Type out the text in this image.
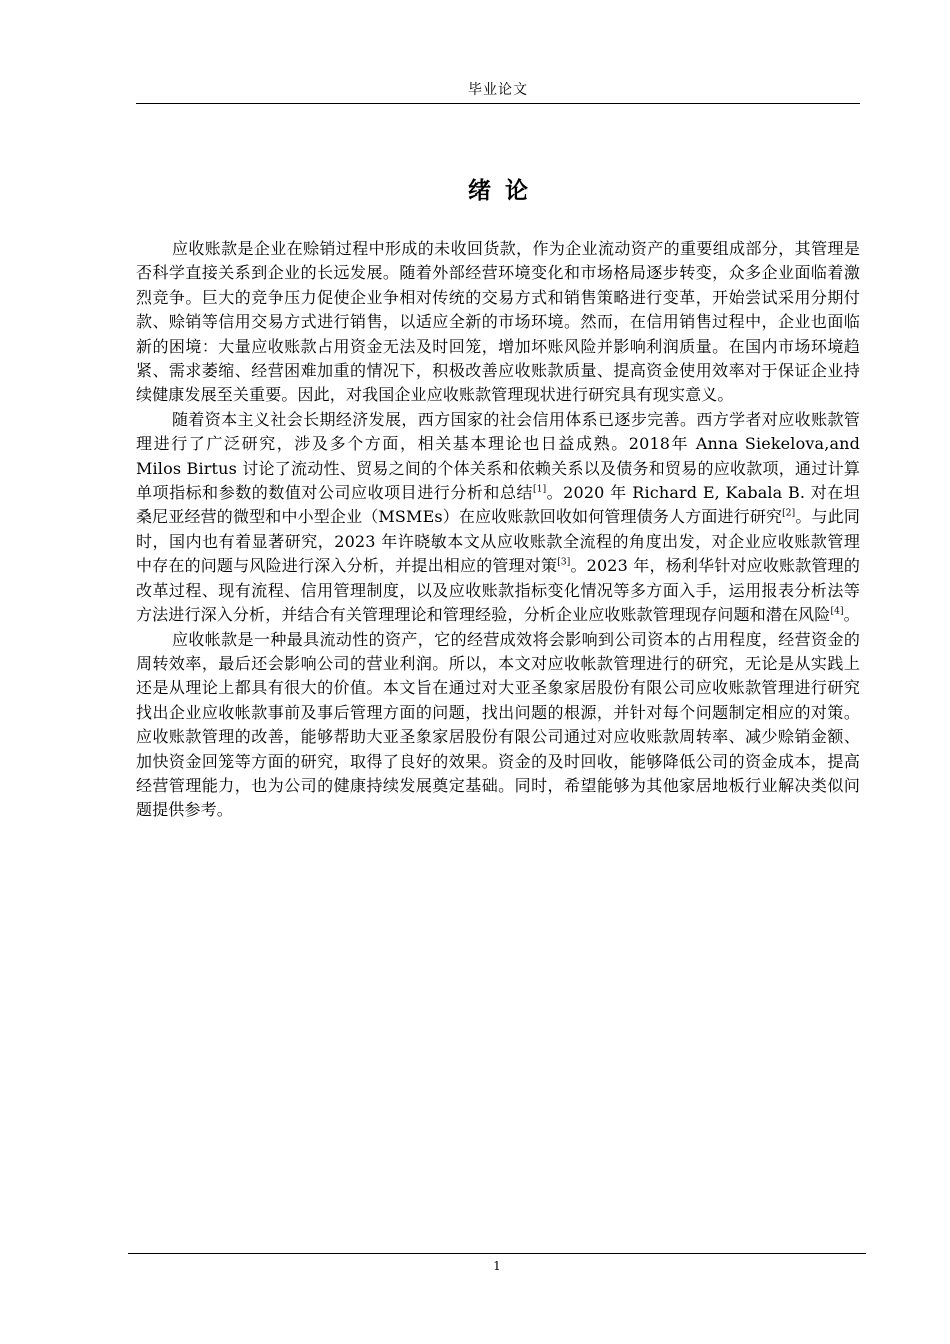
毕业论文
绪论

应收账款是企业在赊销过程中形成的未收回货款，作为企业流动资产的重要组成部分，其管理是否科学直接关系到企业的长远发展。随着外部经营环境变化和市场格局逐步转变，众多企业面临着激烈竞争。巨大的竞争压力促使企业争相对传统的交易方式和销售策略进行变革，开始尝试采用分期付款、赊销等信用交易方式进行销售，以适应全新的市场环境。然而，在信用销售过程中，企业也面临新的困境：大量应收账款占用资金无法及时回笼，增加坏账风险并影响利润质量。在国内市场环境趋紧、需求萎缩、经营困难加重的情况下，积极改善应收账款质量、提高资金使用效率对于保证企业持续健康发展至关重要。因此，对我国企业应收账款管理现状进行研究具有现实意义。

随着资本主义社会长期经济发展，西方国家的社会信用体系已逐步完善。西方学者对应收账款管理进行了广泛研究，涉及多个方面，相关基本理论也日益成熟。2018年 Anna Siekelova,and Milos Birtus 讨论了流动性、贸易之间的个体关系和依赖关系以及债务和贸易的应收款项，通过计算单项指标和参数的数值对公司应收项目进行分析和总结[1]。2020 年 Richard E, Kabala B. 对在坦桑尼亚经营的微型和中小型企业（MSMEs）在应收账款回收如何管理债务人方面进行研究[2]。与此同时，国内也有着显著研究，2023 年许晓敏本文从应收账款全流程的角度出发，对企业应收账款管理中存在的问题与风险进行深入分析，并提出相应的管理对策[3]。2023 年，杨利华针对应收账款管理的改革过程、现有流程、信用管理制度，以及应收账款指标变化情况等多方面入手，运用报表分析法等方法进行深入分析，并结合有关管理理论和管理经验，分析企业应收账款管理现存问题和潜在风险[4]。

应收帐款是一种最具流动性的资产，它的经营成效将会影响到公司资本的占用程度，经营资金的周转效率，最后还会影响公司的营业利润。所以，本文对应收帐款管理进行的研究，无论是从实践上还是从理论上都具有很大的价值。本文旨在通过对大亚圣象家居股份有限公司应收账款管理进行研究找出企业应收帐款事前及事后管理方面的问题，找出问题的根源，并针对每个问题制定相应的对策。应收账款管理的改善，能够帮助大亚圣象家居股份有限公司通过对应收账款周转率、减少赊销金额、加快资金回笼等方面的研究，取得了良好的效果。资金的及时回收，能够降低公司的资金成本，提高经营管理能力，也为公司的健康持续发展奠定基础。同时，希望能够为其他家居地板行业解决类似问题提供参考。

1
